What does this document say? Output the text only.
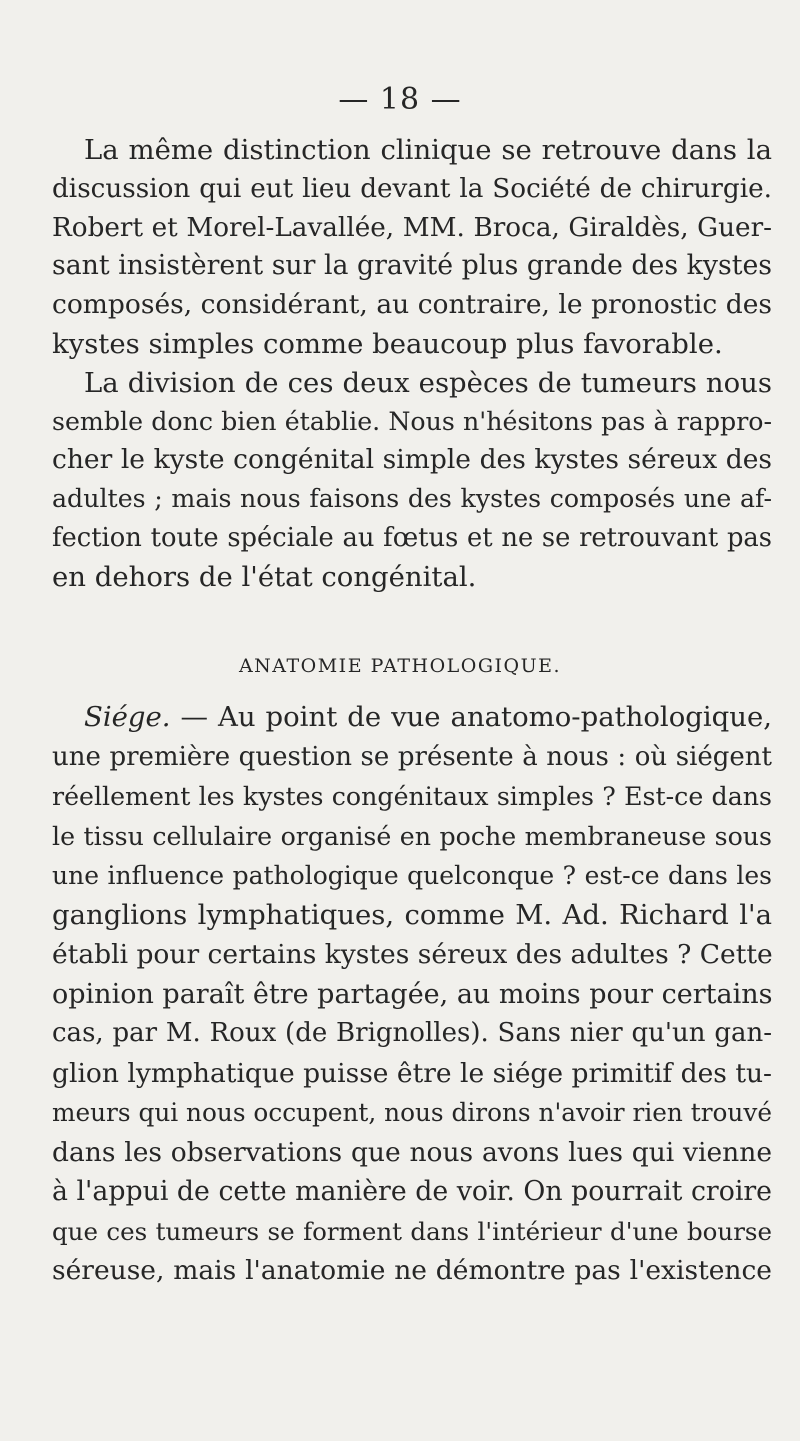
— 18 —
La même distinction clinique se retrouve dans la
discussion qui eut lieu devant la Société de chirurgie.
Robert et Morel-Lavallée, MM. Broca, Giraldès, Guer-
sant insistèrent sur la gravité plus grande des kystes
composés, considérant, au contraire, le pronostic des
kystes simples comme beaucoup plus favorable.
La division de ces deux espèces de tumeurs nous
semble donc bien établie. Nous n'hésitons pas à rappro-
cher le kyste congénital simple des kystes séreux des
adultes ; mais nous faisons des kystes composés une af-
fection toute spéciale au fœtus et ne se retrouvant pas
en dehors de l'état congénital.
ANATOMIE PATHOLOGIQUE.
Siége. — Au point de vue anatomo-pathologique,
une première question se présente à nous : où siégent
réellement les kystes congénitaux simples ? Est-ce dans
le tissu cellulaire organisé en poche membraneuse sous
une influence pathologique quelconque ? est-ce dans les
ganglions lymphatiques, comme M. Ad. Richard l'a
établi pour certains kystes séreux des adultes ? Cette
opinion paraît être partagée, au moins pour certains
cas, par M. Roux (de Brignolles). Sans nier qu'un gan-
glion lymphatique puisse être le siége primitif des tu-
meurs qui nous occupent, nous dirons n'avoir rien trouvé
dans les observations que nous avons lues qui vienne
à l'appui de cette manière de voir. On pourrait croire
que ces tumeurs se forment dans l'intérieur d'une bourse
séreuse, mais l'anatomie ne démontre pas l'existence
